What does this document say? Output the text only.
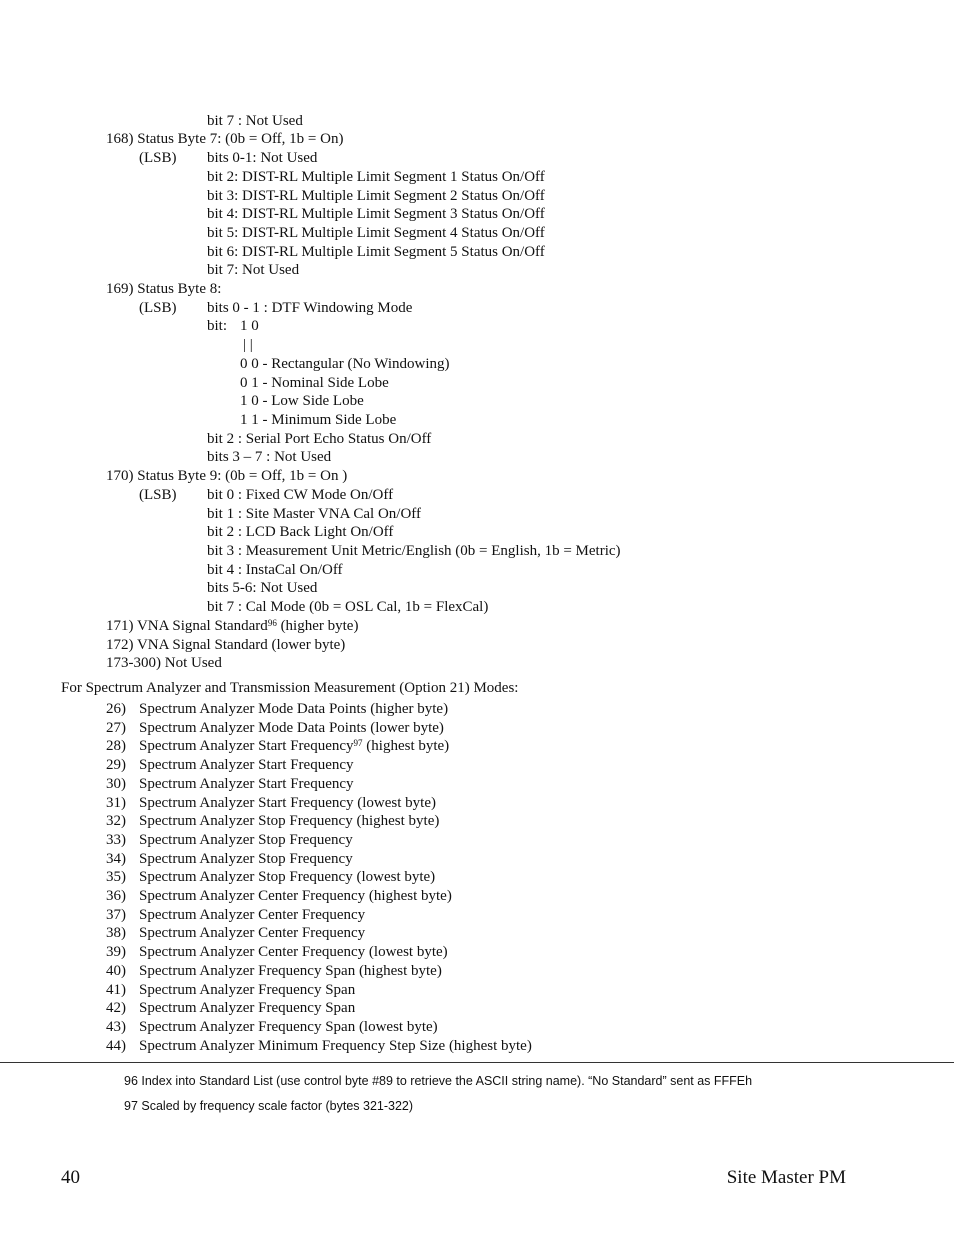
bit 7 : Not Used
168) Status Byte 7: (0b = Off, 1b = On)
(LSB) bits 0-1: Not Used
bit 2: DIST-RL Multiple Limit Segment 1 Status On/Off
bit 3: DIST-RL Multiple Limit Segment 2 Status On/Off
bit 4: DIST-RL Multiple Limit Segment 3 Status On/Off
bit 5: DIST-RL Multiple Limit Segment 4 Status On/Off
bit 6: DIST-RL Multiple Limit Segment 5 Status On/Off
bit 7: Not Used
169) Status Byte 8:
(LSB) bits 0 - 1 : DTF Windowing Mode
bit: 1 0
| |
0 0 - Rectangular (No Windowing)
0 1 - Nominal Side Lobe
1 0 - Low Side Lobe
1 1 - Minimum Side Lobe
bit 2 : Serial Port Echo Status On/Off
bits 3 – 7 : Not Used
170) Status Byte 9: (0b = Off, 1b = On )
(LSB) bit 0 : Fixed CW Mode On/Off
bit 1 : Site Master VNA Cal On/Off
bit 2 : LCD Back Light On/Off
bit 3 : Measurement Unit Metric/English (0b = English, 1b = Metric)
bit 4 : InstaCal On/Off
bits 5-6: Not Used
bit 7 : Cal Mode (0b = OSL Cal, 1b = FlexCal)
171) VNA Signal Standard$^{96}$ (higher byte)
172) VNA Signal Standard (lower byte)
173-300) Not Used
For Spectrum Analyzer and Transmission Measurement (Option 21) Modes:
26) Spectrum Analyzer Mode Data Points (higher byte)
27) Spectrum Analyzer Mode Data Points (lower byte)
28) Spectrum Analyzer Start Frequency$^{97}$ (highest byte)
29) Spectrum Analyzer Start Frequency
30) Spectrum Analyzer Start Frequency
31) Spectrum Analyzer Start Frequency (lowest byte)
32) Spectrum Analyzer Stop Frequency (highest byte)
33) Spectrum Analyzer Stop Frequency
34) Spectrum Analyzer Stop Frequency
35) Spectrum Analyzer Stop Frequency (lowest byte)
36) Spectrum Analyzer Center Frequency (highest byte)
37) Spectrum Analyzer Center Frequency
38) Spectrum Analyzer Center Frequency
39) Spectrum Analyzer Center Frequency (lowest byte)
40) Spectrum Analyzer Frequency Span (highest byte)
41) Spectrum Analyzer Frequency Span
42) Spectrum Analyzer Frequency Span
43) Spectrum Analyzer Frequency Span (lowest byte)
44) Spectrum Analyzer Minimum Frequency Step Size (highest byte)
96 Index into Standard List (use control byte #89 to retrieve the ASCII string name). “No Standard” sent as FFFEh
97 Scaled by frequency scale factor (bytes 321-322)
40	Site Master PM
